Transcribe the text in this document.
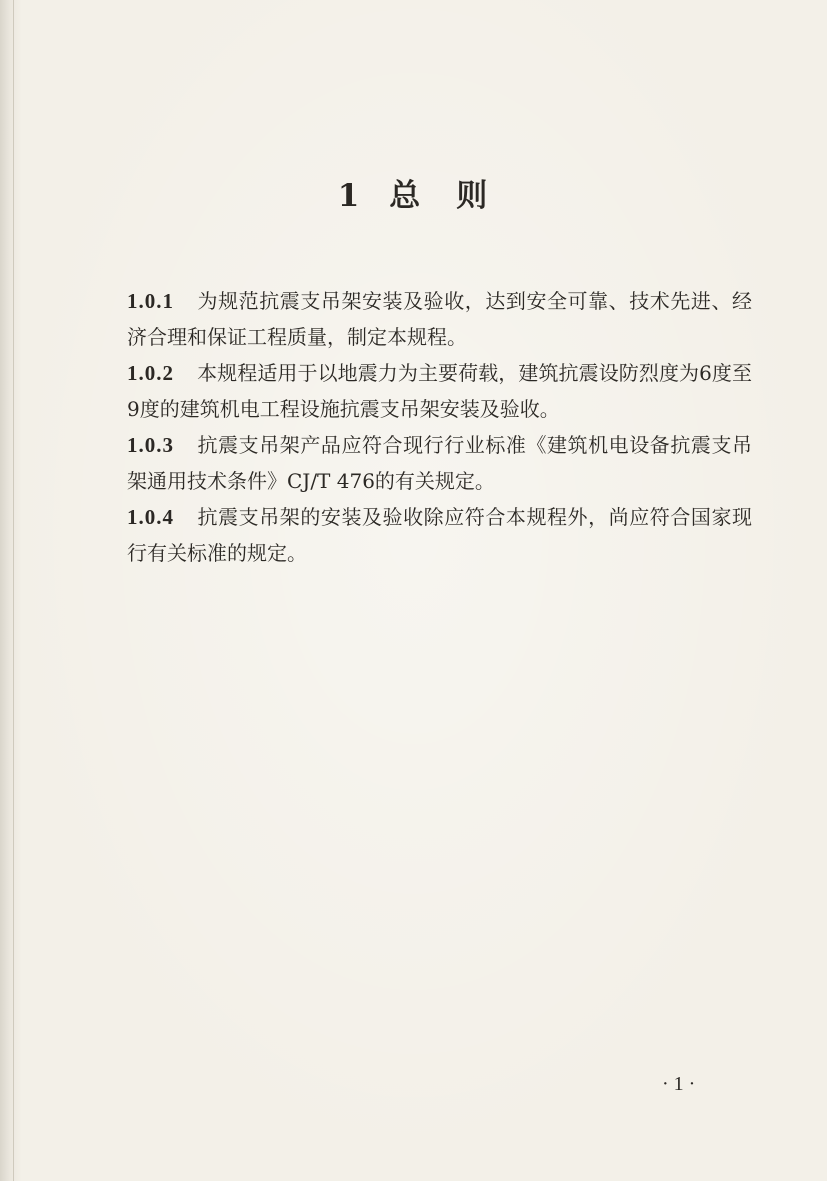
1 总 则

1.0.1 为规范抗震支吊架安装及验收，达到安全可靠、技术先进、经济合理和保证工程质量，制定本规程。

1.0.2 本规程适用于以地震力为主要荷载，建筑抗震设防烈度为6度至9度的建筑机电工程设施抗震支吊架安装及验收。

1.0.3 抗震支吊架产品应符合现行行业标准《建筑机电设备抗震支吊架通用技术条件》CJ/T 476的有关规定。

1.0.4 抗震支吊架的安装及验收除应符合本规程外，尚应符合国家现行有关标准的规定。

·1·
